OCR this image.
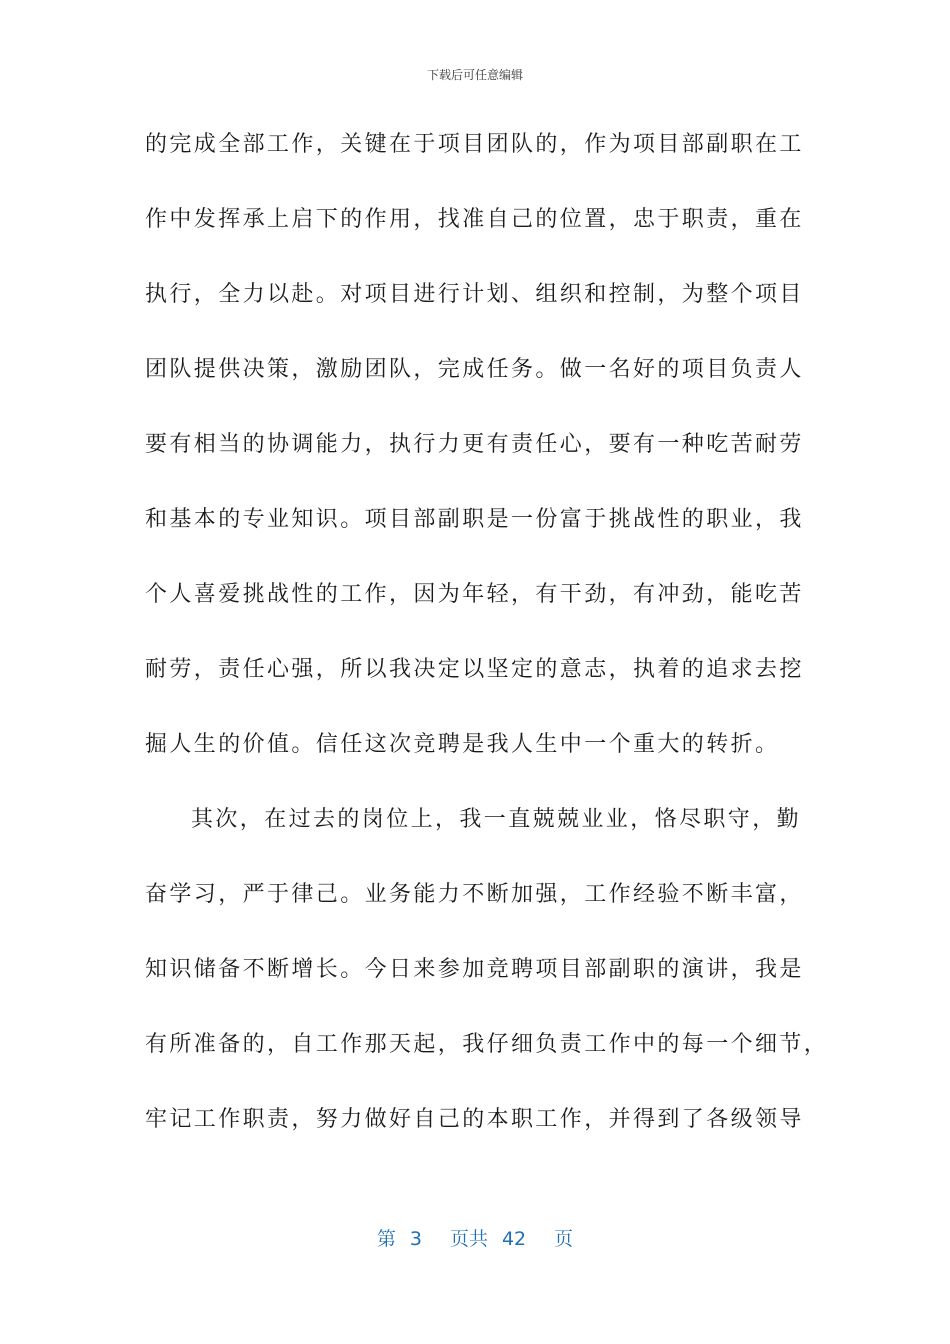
下载后可任意编辑
的完成全部工作，关键在于项目团队的，作为项目部副职在工
作中发挥承上启下的作用，找准自己的位置，忠于职责，重在
执行，全力以赴。对项目进行计划、组织和控制，为整个项目
团队提供决策，激励团队，完成任务。做一名好的项目负责人
要有相当的协调能力，执行力更有责任心，要有一种吃苦耐劳
和基本的专业知识。项目部副职是一份富于挑战性的职业，我
个人喜爱挑战性的工作，因为年轻，有干劲，有冲劲，能吃苦
耐劳，责任心强，所以我决定以坚定的意志，执着的追求去挖
掘人生的价值。信任这次竞聘是我人生中一个重大的转折。
其次，在过去的岗位上，我一直兢兢业业，恪尽职守，勤
奋学习，严于律己。业务能力不断加强，工作经验不断丰富，
知识储备不断增长。今日来参加竞聘项目部副职的演讲，我是
有所准备的，自工作那天起，我仔细负责工作中的每一个细节，
牢记工作职责，努力做好自己的本职工作，并得到了各级领导
第 3 页共 42 页
